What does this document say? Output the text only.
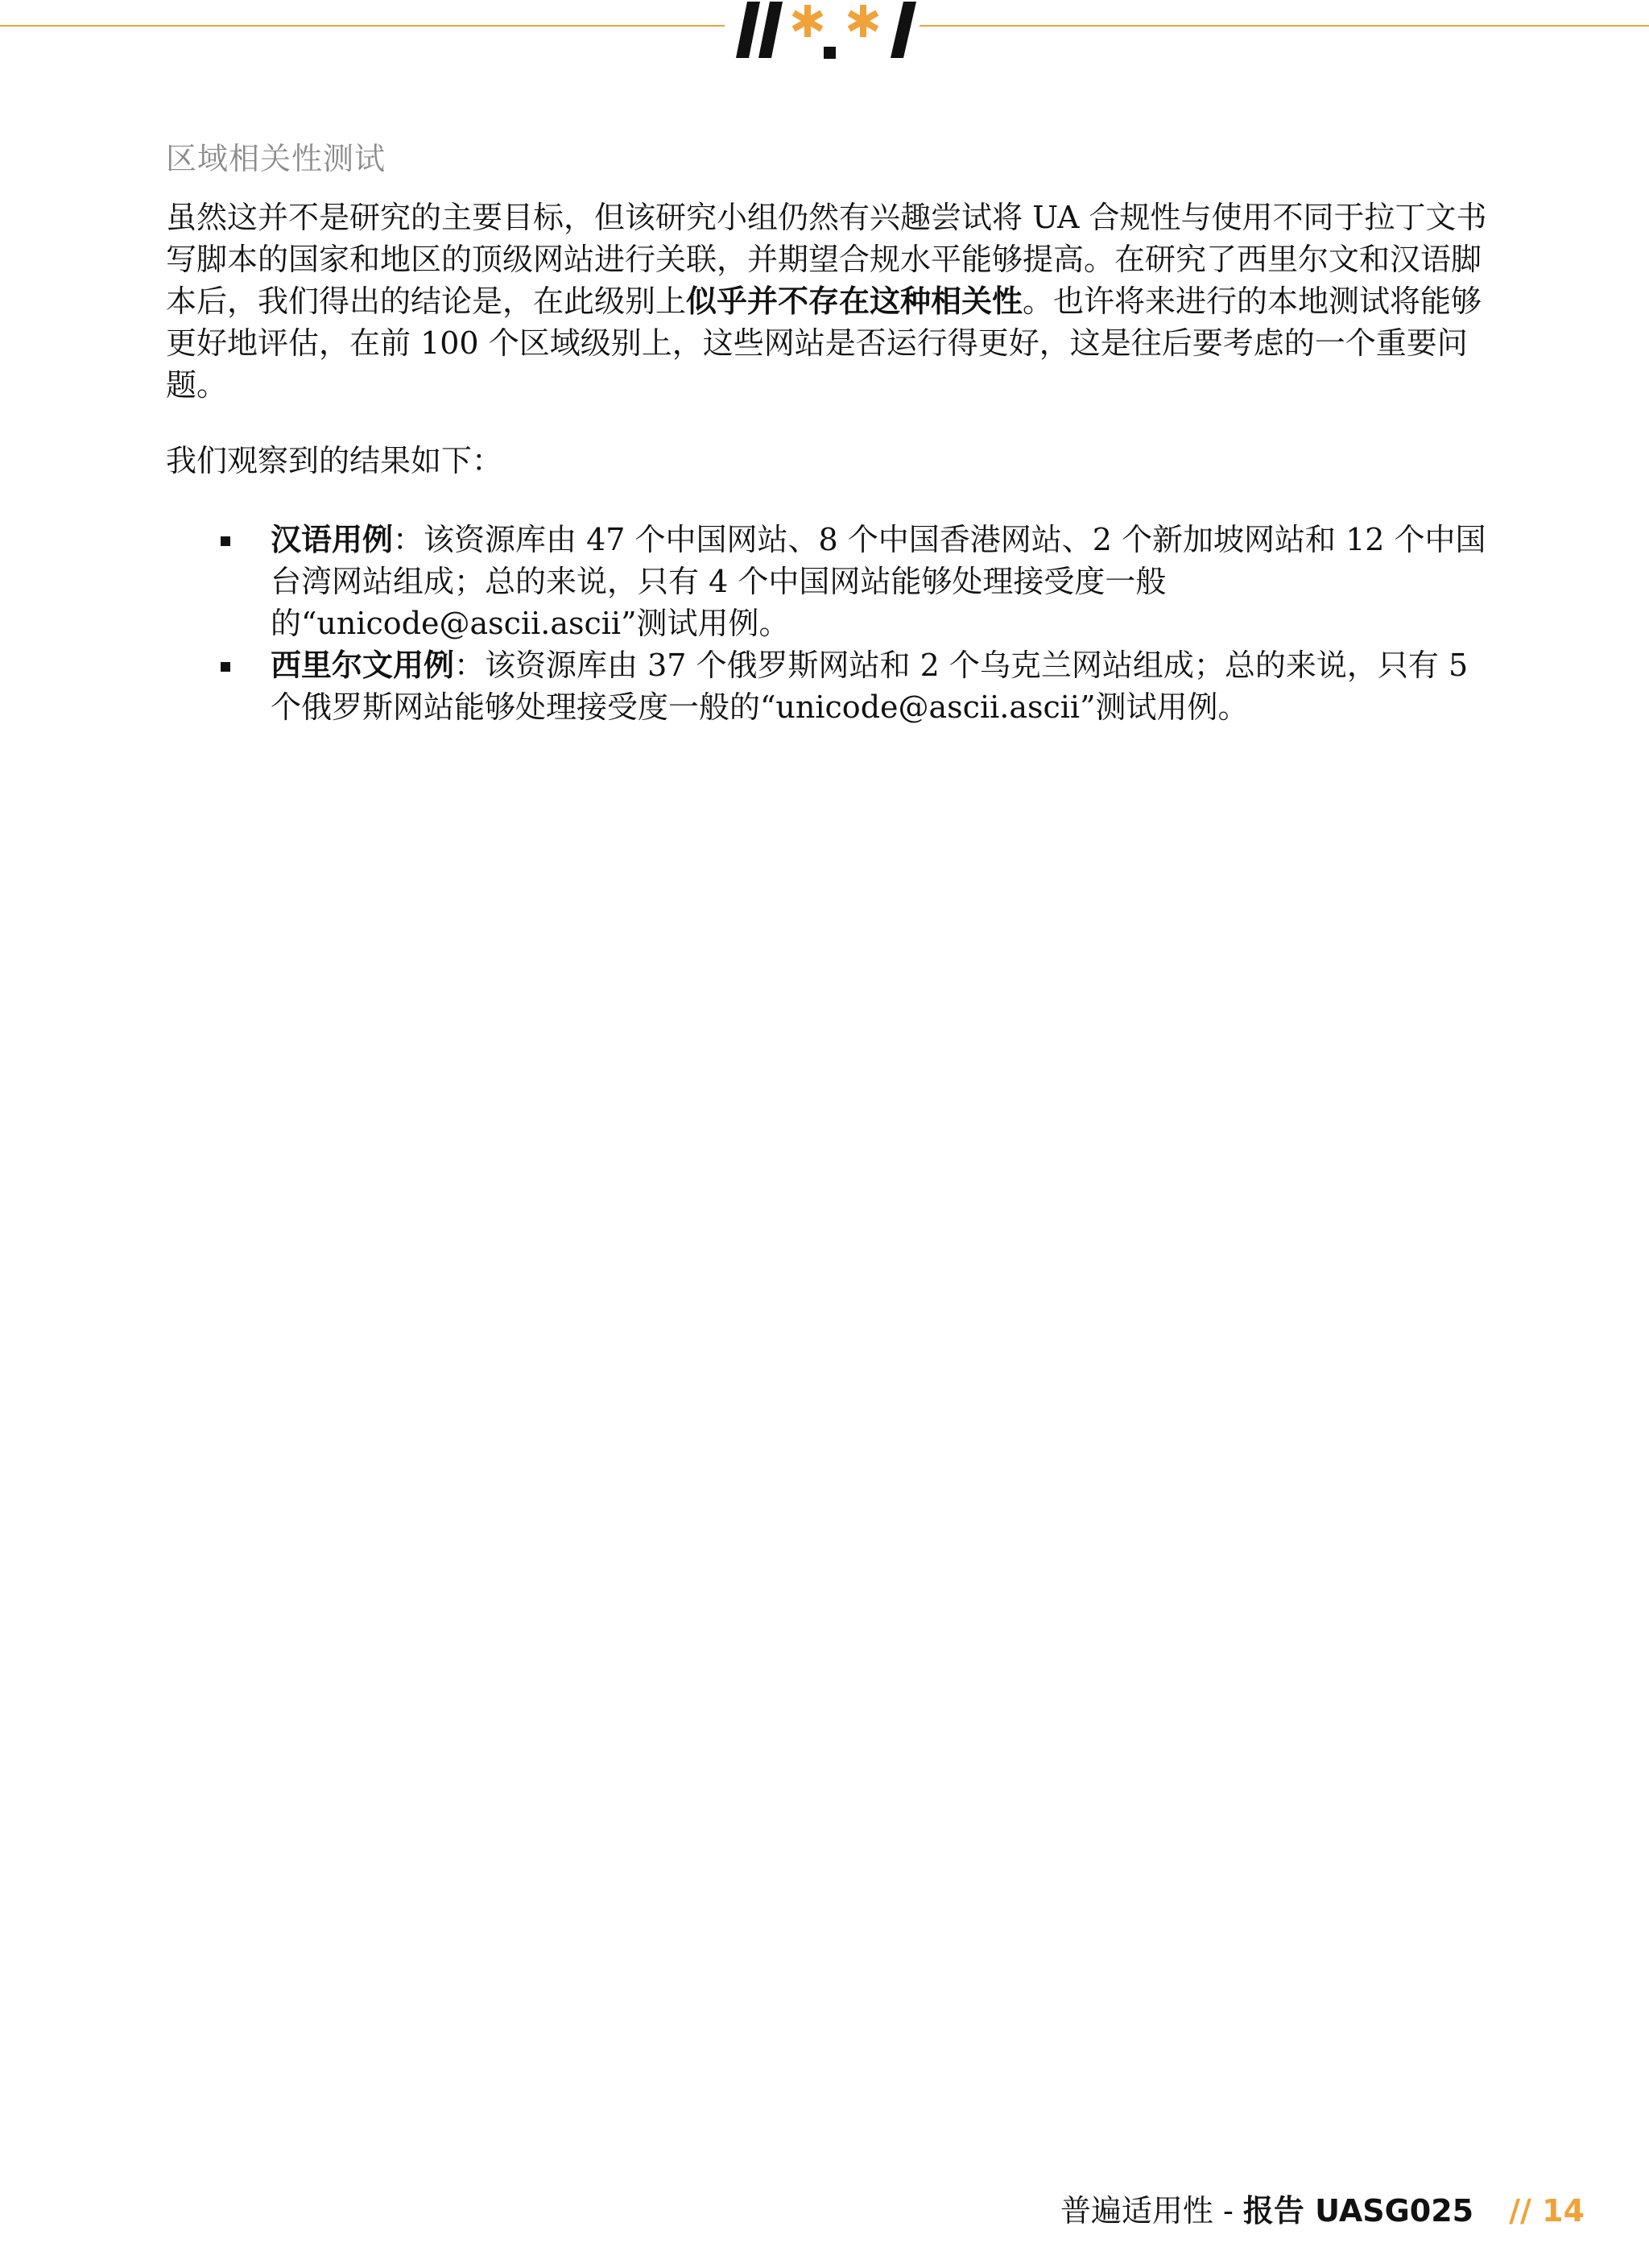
区域相关性测试

虽然这并不是研究的主要目标，但该研究小组仍然有兴趣尝试将 UA 合规性与使用不同于拉丁文书写脚本的国家和地区的顶级网站进行关联，并期望合规水平能够提高。在研究了西里尔文和汉语脚本后，我们得出的结论是，在此级别上似乎并不存在这种相关性。也许将来进行的本地测试将能够更好地评估，在前 100 个区域级别上，这些网站是否运行得更好，这是往后要考虑的一个重要问题。

我们观察到的结果如下：

汉语用例：该资源库由 47 个中国网站、8 个中国香港网站、2 个新加坡网站和 12 个中国台湾网站组成；总的来说，只有 4 个中国网站能够处理接受度一般的“unicode@ascii.ascii”测试用例。
西里尔文用例：该资源库由 37 个俄罗斯网站和 2 个乌克兰网站组成；总的来说，只有 5 个俄罗斯网站能够处理接受度一般的“unicode@ascii.ascii”测试用例。
普遍适用性 - 报告 UASG025 // 14
